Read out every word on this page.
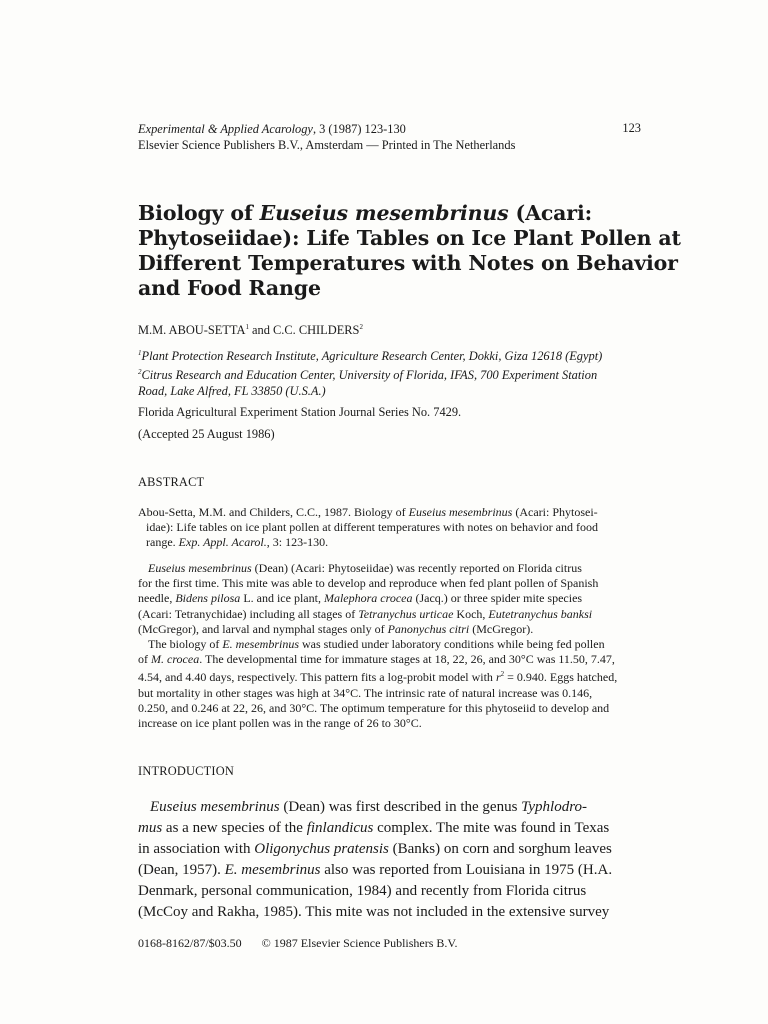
Experimental & Applied Acarology, 3 (1987) 123-130
Elsevier Science Publishers B.V., Amsterdam — Printed in The Netherlands
123
Biology of Euseius mesembrinus (Acari:
Phytoseiidae): Life Tables on Ice Plant Pollen at
Different Temperatures with Notes on Behavior
and Food Range
M.M. ABOU-SETTA$^1$ and C.C. CHILDERS$^2$
$^1$Plant Protection Research Institute, Agriculture Research Center, Dokki, Giza 12618 (Egypt)
$^2$Citrus Research and Education Center, University of Florida, IFAS, 700 Experiment Station
Road, Lake Alfred, FL 33850 (U.S.A.)
Florida Agricultural Experiment Station Journal Series No. 7429.
(Accepted 25 August 1986)
ABSTRACT
Abou-Setta, M.M. and Childers, C.C., 1987. Biology of Euseius mesembrinus (Acari: Phytosei-
idae): Life tables on ice plant pollen at different temperatures with notes on behavior and food
range. Exp. Appl. Acarol., 3: 123-130.

Euseius mesembrinus (Dean) (Acari: Phytoseiidae) was recently reported on Florida citrus
for the first time. This mite was able to develop and reproduce when fed plant pollen of Spanish
needle, Bidens pilosa L. and ice plant, Malephora crocea (Jacq.) or three spider mite species
(Acari: Tetranychidae) including all stages of Tetranychus urticae Koch, Eutetranychus banksi
(McGregor), and larval and nymphal stages only of Panonychus citri (McGregor).

The biology of E. mesembrinus was studied under laboratory conditions while being fed pollen
of M. crocea. The developmental time for immature stages at 18, 22, 26, and 30°C was 11.50, 7.47,
4.54, and 4.40 days, respectively. This pattern fits a log-probit model with $r^2 = 0.940$. Eggs hatched,
but mortality in other stages was high at 34°C. The intrinsic rate of natural increase was 0.146,
0.250, and 0.246 at 22, 26, and 30°C. The optimum temperature for this phytoseiid to develop and
increase on ice plant pollen was in the range of 26 to 30°C.

INTRODUCTION

Euseius mesembrinus (Dean) was first described in the genus Typhlodro-
mus as a new species of the finlandicus complex. The mite was found in Texas
in association with Oligonychus pratensis (Banks) on corn and sorghum leaves
(Dean, 1957). E. mesembrinus also was reported from Louisiana in 1975 (H.A.
Denmark, personal communication, 1984) and recently from Florida citrus
(McCoy and Rakha, 1985). This mite was not included in the extensive survey

0168-8162/87/$03.50 © 1987 Elsevier Science Publishers B.V.
